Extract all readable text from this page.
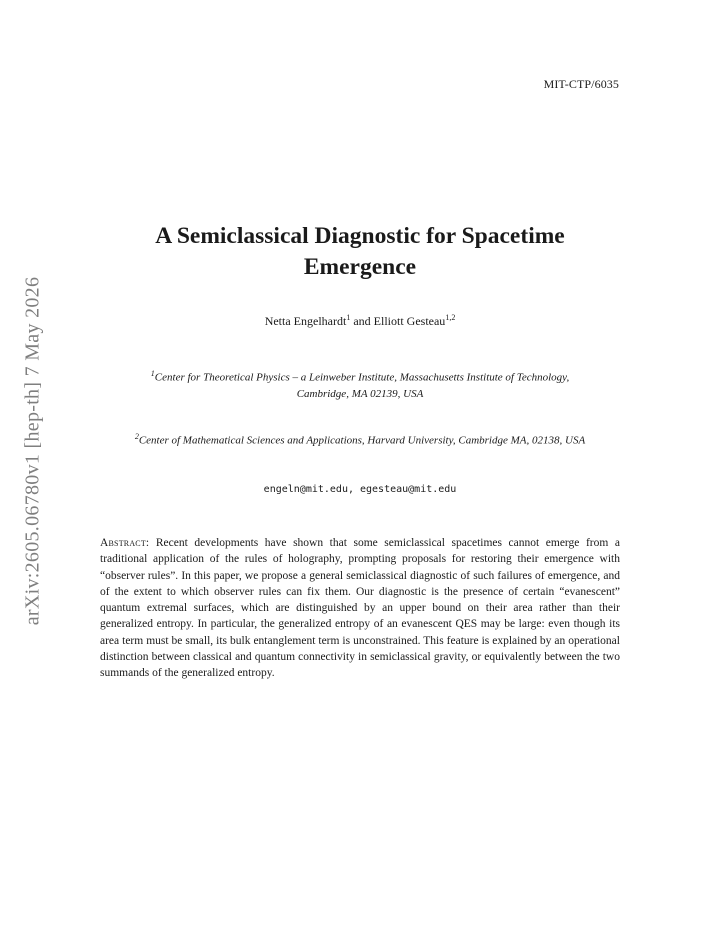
MIT-CTP/6035
arXiv:2605.06780v1 [hep-th] 7 May 2026
A Semiclassical Diagnostic for Spacetime Emergence
Netta Engelhardt$^1$ and Elliott Gesteau$^{1,2}$
$^1$Center for Theoretical Physics – a Leinweber Institute, Massachusetts Institute of Technology,
Cambridge, MA 02139, USA
$^2$Center of Mathematical Sciences and Applications, Harvard University, Cambridge MA, 02138, USA
engeln@mit.edu, egesteau@mit.edu

Abstract: Recent developments have shown that some semiclassical spacetimes cannot emerge from a traditional application of the rules of holography, prompting proposals for restoring their emergence with “observer rules”. In this paper, we propose a general semiclassical diagnostic of such failures of emergence, and of the extent to which observer rules can fix them. Our diagnostic is the presence of certain “evanescent” quantum extremal surfaces, which are distinguished by an upper bound on their area rather than their generalized entropy. In particular, the generalized entropy of an evanescent QES may be large: even though its area term must be small, its bulk entanglement term is unconstrained. This feature is explained by an operational distinction between classical and quantum connectivity in semiclassical gravity, or equivalently between the two summands of the generalized entropy.
